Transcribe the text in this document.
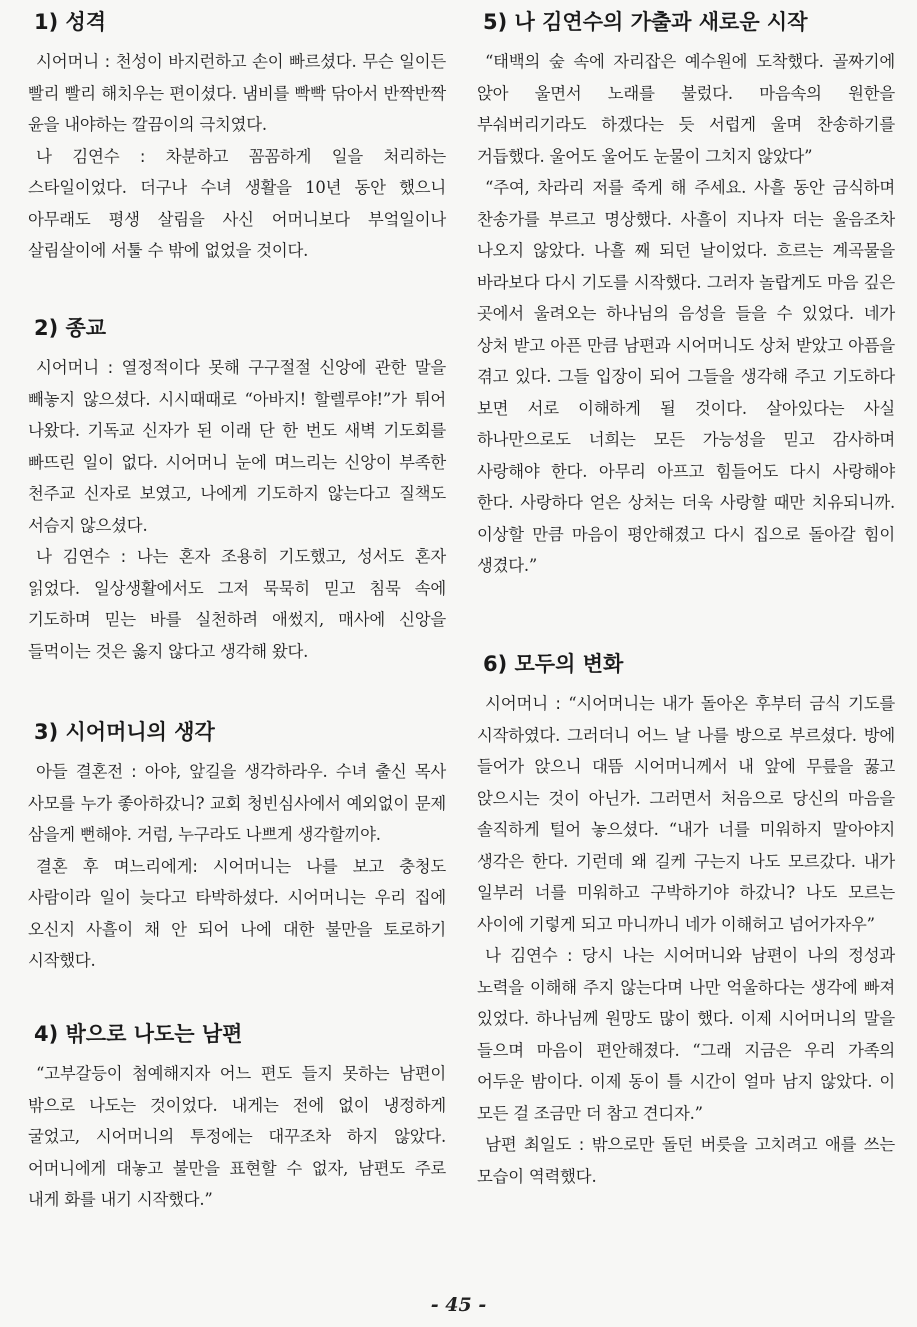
1) 성격

시어머니 : 천성이 바지런하고 손이 빠르셨다. 무슨 일이든 빨리 빨리 해치우는 편이셨다. 냄비를 빡빡 닦아서 반짝반짝 윤을 내야하는 깔끔이의 극치였다.

나 김연수 : 차분하고 꼼꼼하게 일을 처리하는 스타일이었다. 더구나 수녀 생활을 10년 동안 했으니 아무래도 평생 살림을 사신 어머니보다 부엌일이나 살림살이에 서툴 수 밖에 없었을 것이다.

2) 종교

시어머니 : 열정적이다 못해 구구절절 신앙에 관한 말을 빼놓지 않으셨다. 시시때때로 “아바지! 할렐루야!”가 튀어 나왔다. 기독교 신자가 된 이래 단 한 번도 새벽 기도회를 빠뜨린 일이 없다. 시어머니 눈에 며느리는 신앙이 부족한 천주교 신자로 보였고, 나에게 기도하지 않는다고 질책도 서슴지 않으셨다.

나 김연수 : 나는 혼자 조용히 기도했고, 성서도 혼자 읽었다. 일상생활에서도 그저 묵묵히 믿고 침묵 속에 기도하며 믿는 바를 실천하려 애썼지, 매사에 신앙을 들먹이는 것은 옳지 않다고 생각해 왔다.

3) 시어머니의 생각

아들 결혼전 : 아야, 앞길을 생각하라우. 수녀 출신 목사 사모를 누가 좋아하갔니? 교회 청빈심사에서 예외없이 문제 삼을게 뻔해야. 거럼, 누구라도 나쁘게 생각할끼야.

결혼 후 며느리에게: 시어머니는 나를 보고 충청도 사람이라 일이 늦다고 타박하셨다. 시어머니는 우리 집에 오신지 사흘이 채 안 되어 나에 대한 불만을 토로하기 시작했다.

4) 밖으로 나도는 남편

“고부갈등이 첨예해지자 어느 편도 들지 못하는 남편이 밖으로 나도는 것이었다. 내게는 전에 없이 냉정하게 굴었고, 시어머니의 투정에는 대꾸조차 하지 않았다. 어머니에게 대놓고 불만을 표현할 수 없자, 남편도 주로 내게 화를 내기 시작했다.”

5) 나 김연수의 가출과 새로운 시작

“태백의 숲 속에 자리잡은 예수원에 도착했다. 골짜기에 앉아 울면서 노래를 불렀다. 마음속의 원한을 부숴버리기라도 하겠다는 듯 서럽게 울며 찬송하기를 거듭했다. 울어도 울어도 눈물이 그치지 않았다”

“주여, 차라리 저를 죽게 해 주세요. 사흘 동안 금식하며 찬송가를 부르고 명상했다. 사흘이 지나자 더는 울음조차 나오지 않았다. 나흘 째 되던 날이었다. 흐르는 계곡물을 바라보다 다시 기도를 시작했다. 그러자 놀랍게도 마음 깊은 곳에서 울려오는 하나님의 음성을 들을 수 있었다. 네가 상처 받고 아픈 만큼 남편과 시어머니도 상처 받았고 아픔을 겪고 있다. 그들 입장이 되어 그들을 생각해 주고 기도하다 보면 서로 이해하게 될 것이다. 살아있다는 사실 하나만으로도 너희는 모든 가능성을 믿고 감사하며 사랑해야 한다. 아무리 아프고 힘들어도 다시 사랑해야 한다. 사랑하다 얻은 상처는 더욱 사랑할 때만 치유되니까. 이상할 만큼 마음이 평안해졌고 다시 집으로 돌아갈 힘이 생겼다.”

6) 모두의 변화

시어머니 : “시어머니는 내가 돌아온 후부터 금식 기도를 시작하였다. 그러더니 어느 날 나를 방으로 부르셨다. 방에 들어가 앉으니 대뜸 시어머니께서 내 앞에 무릎을 꿇고 앉으시는 것이 아닌가. 그러면서 처음으로 당신의 마음을 솔직하게 털어 놓으셨다. “내가 너를 미워하지 말아야지 생각은 한다. 기런데 왜 길케 구는지 나도 모르갔다. 내가 일부러 너를 미워하고 구박하기야 하갔니? 나도 모르는 사이에 기렇게 되고 마니까니 네가 이해허고 넘어가자우”

나 김연수 : 당시 나는 시어머니와 남편이 나의 정성과 노력을 이해해 주지 않는다며 나만 억울하다는 생각에 빠져 있었다. 하나님께 원망도 많이 했다. 이제 시어머니의 말을 들으며 마음이 편안해졌다. “그래 지금은 우리 가족의 어두운 밤이다. 이제 동이 틀 시간이 얼마 남지 않았다. 이 모든 걸 조금만 더 참고 견디자.”

남편 최일도 : 밖으로만 돌던 버릇을 고치려고 애를 쓰는 모습이 역력했다.

- 45 -
